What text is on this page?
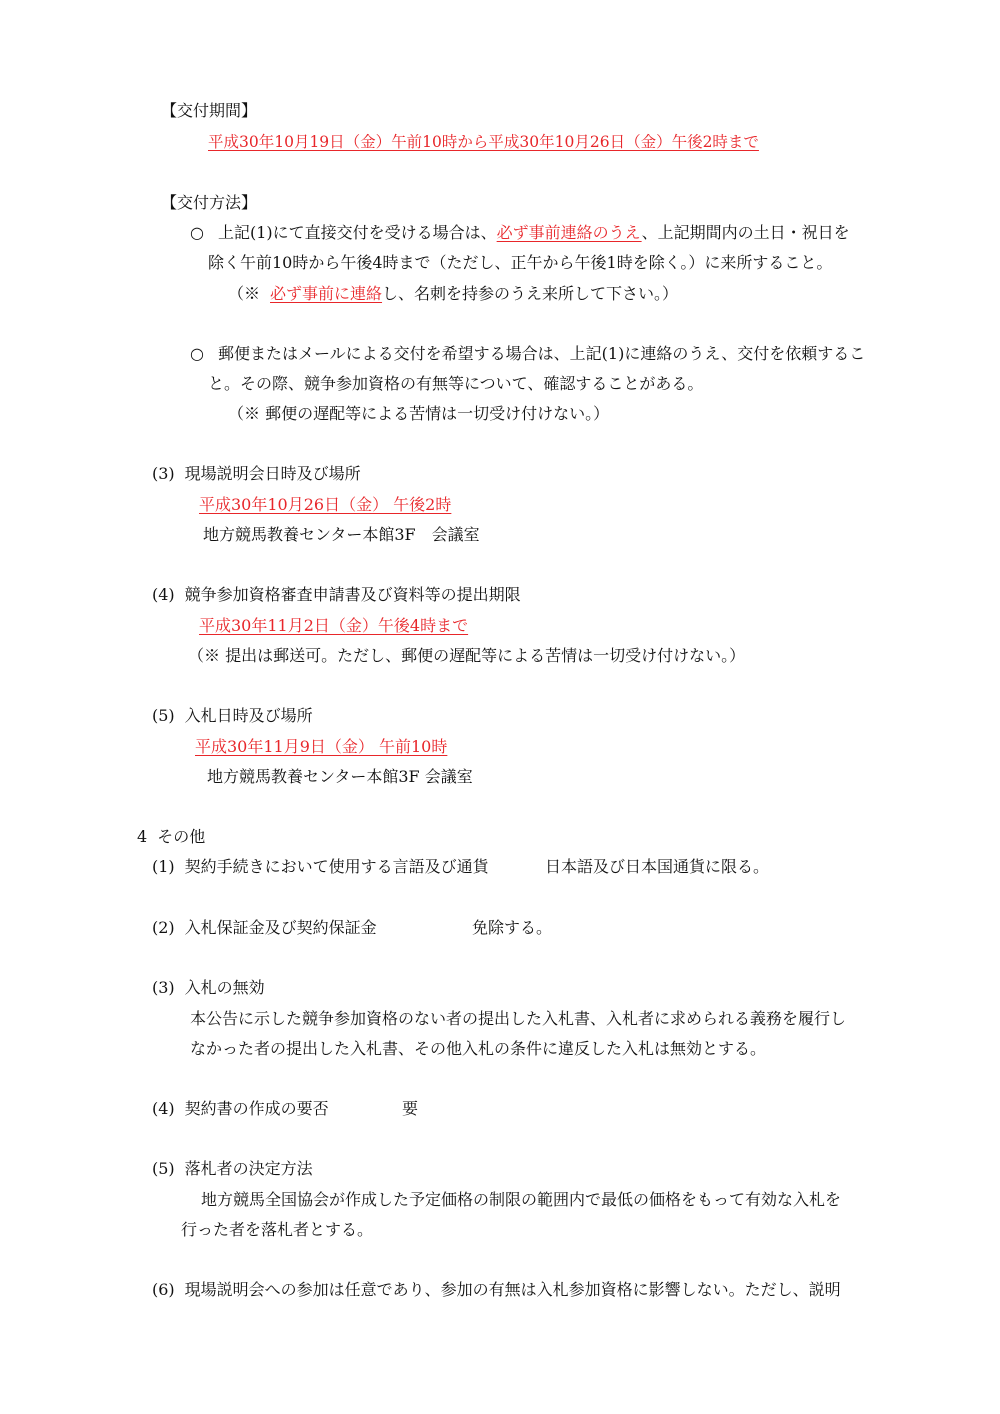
【交付期間】
平成30年10月19日（金）午前10時から平成30年10月26日（金）午後2時まで
【交付方法】
○ 上記(1)にて直接交付を受ける場合は、必ず事前連絡のうえ、上記期間内の土日・祝日を
除く午前10時から午後4時まで（ただし、正午から午後1時を除く。）に来所すること。
（※ 必ず事前に連絡し、名刺を持参のうえ来所して下さい。）
○ 郵便またはメールによる交付を希望する場合は、上記(1)に連絡のうえ、交付を依頼するこ
と。その際、競争参加資格の有無等について、確認することがある。
（※ 郵便の遅配等による苦情は一切受け付けない。）
(3) 現場説明会日時及び場所
平成30年10月26日（金） 午後2時
地方競馬教養センター本館3F　会議室
(4) 競争参加資格審査申請書及び資料等の提出期限
平成30年11月2日（金）午後4時まで
（※ 提出は郵送可。ただし、郵便の遅配等による苦情は一切受け付けない。）
(5) 入札日時及び場所
平成30年11月9日（金） 午前10時
地方競馬教養センター本館3F 会議室
4 その他
(1) 契約手続きにおいて使用する言語及び通貨	日本語及び日本国通貨に限る。
(2) 入札保証金及び契約保証金	免除する。
(3) 入札の無効
本公告に示した競争参加資格のない者の提出した入札書、入札者に求められる義務を履行し
なかった者の提出した入札書、その他入札の条件に違反した入札は無効とする。
(4) 契約書の作成の要否	要
(5) 落札者の決定方法
地方競馬全国協会が作成した予定価格の制限の範囲内で最低の価格をもって有効な入札を
行った者を落札者とする。
(6) 現場説明会への参加は任意であり、参加の有無は入札参加資格に影響しない。ただし、説明
